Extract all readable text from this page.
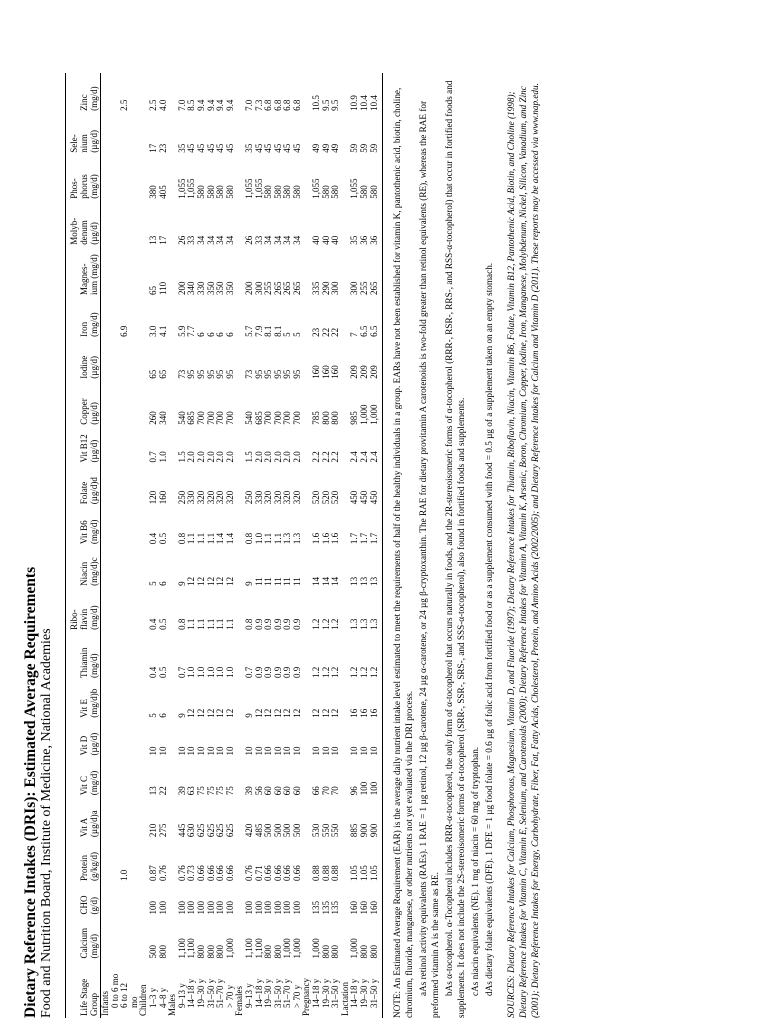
Dietary Reference Intakes (DRIs): Estimated Average Requirements Food and Nutrition Board, Institute of Medicine, National Academies	Life Stage Group	Calcium (mg/d)	CHO (g/d)	Protein (g/kg/d)	Vit A (µg/d)a	Vit C (mg/d)	Vit D (µg/d)	Vit E (mg/d)b	Thiamin (mg/d)	Ribo- flavin (mg/d)	Niacin (mg/d)c	Vit B6 (mg/d)	Folate (µg/d)d	Vit B12 (µg/d)	Copper (µg/d)	Iodine (µg/d)	Iron (mg/d)	Magnes- ium (mg/d)	Molyb- denum (µg/d)	Phos- phorus (mg/d)	Sele- nium (µg/d)	Zinc (mg/d)
Infants																					
0 to 6 mo																					
6 to 12			1.0													6.9					2.5
mo																					
Children																					
1–3 y	500	100	0.87	210	13	10	5	0.4	0.4	5	0.4	120	0.7	260	65	3.0	65	13	380	17	2.5
4–8 y	800	100	0.76	275	22	10	6	0.5	0.5	6	0.5	160	1.0	340	65	4.1	110	17	405	23	4.0
Males																					
9–13 y	1,100	100	0.76	445	39	10	9	0.7	0.8	9	0.8	250	1.5	540	73	5.9	200	26	1,055	35	7.0
14–18 y	1,100	100	0.73	630	63	10	12	1.0	1.1	12	1.1	330	2.0	685	95	7.7	340	33	1,055	45	8.5
19–30 y	800	100	0.66	625	75	10	12	1.0	1.1	12	1.1	320	2.0	700	95	6	330	34	580	45	9.4
31–50 y	800	100	0.66	625	75	10	12	1.0	1.1	12	1.1	320	2.0	700	95	6	350	34	580	45	9.4
51–70 y	800	100	0.66	625	75	10	12	1.0	1.1	12	1.4	320	2.0	700	95	6	350	34	580	45	9.4
> 70 y	1,000	100	0.66	625	75	10	12	1.0	1.1	12	1.4	320	2.0	700	95	6	350	34	580	45	9.4
Females																					
9–13 y	1,100	100	0.76	420	39	10	9	0.7	0.8	9	0.8	250	1.5	540	73	5.7	200	26	1,055	35	7.0
14–18 y	1,100	100	0.71	485	56	10	12	0.9	0.9	11	1.0	330	2.0	685	95	7.9	300	33	1,055	45	7.3
19–30 y	800	100	0.66	500	60	10	12	0.9	0.9	11	1.1	320	2.0	700	95	8.1	255	34	580	45	6.8
31–50 y	800	100	0.66	500	60	10	12	0.9	0.9	11	1.1	320	2.0	700	95	8.1	265	34	580	45	6.8
51–70 y	1,000	100	0.66	500	60	10	12	0.9	0.9	11	1.3	320	2.0	700	95	5	265	34	580	45	6.8
> 70 y	1,000	100	0.66	500	60	10	12	0.9	0.9	11	1.3	320	2.0	700	95	5	265	34	580	45	6.8
Pregnancy																					
14–18 y	1,000	135	0.88	530	66	10	12	1.2	1.2	14	1.6	520	2.2	785	160	23	335	40	1,055	49	10.5
19–30 y	800	135	0.88	550	70	10	12	1.2	1.2	14	1.6	520	2.2	800	160	22	290	40	580	49	9.5
31–50 y	800	135	0.88	550	70	10	12	1.2	1.2	14	1.6	520	2.2	800	160	22	300	40	580	49	9.5
Lactation																					
14–18 y	1,000	160	1.05	885	96	10	16	1.2	1.3	13	1.7	450	2.4	985	209	7	300	35	1,055	59	10.9
19–30 y	800	160	1.05	900	100	10	16	1.2	1.3	13	1.7	450	2.4	1,000	209	6.5	255	36	580	59	10.4
31–50 y	800	160	1.05	900	100	10	16	1.2	1.3	13	1.7	450	2.4	1,000	209	6.5	265	36	580	59	10.4 NOTE: An Estimated Average Requirement (EAR) is the average daily nutrient intake level estimated to meet the requirements of half of the healthy individuals in a group. EARs have not been established for vitamin K, pantothenic acid, biotin, choline, chromium, fluoride, manganese, or other nutrients not yet evaluated via the DRI process. aAs retinol activity equivalents (RAEs). 1 RAE = 1 µg retinol, 12 µg β-carotene, 24 µg α-carotene, or 24 µg β-cryptoxanthin. The RAE for dietary provitamin A carotenoids is two-fold greater than retinol equivalents (RE), whereas the RAE for preformed vitamin A is the same as RE. bAs α-tocopherol. α-Tocopherol includes RRR-α-tocopherol, the only form of α-tocopherol that occurs naturally in foods, and the 2R-stereoisomeric forms of α-tocopherol (RRR-, RSR-, RRS-, and RSS-α-tocopherol) that occur in fortified foods and supplements. It does not include the 2S-stereoisomeric forms of α-tocopherol (SRR-, SSR-, SRS-, and SSS-α-tocopherol), also found in fortified foods and supplements. cAs niacin equivalents (NE). 1 mg of niacin = 60 mg of tryptophan. dAs dietary folate equivalents (DFE). 1 DFE = 1 µg food folate = 0.6 µg of folic acid from fortified food or as a supplement consumed with food = 0.5 µg of a supplement taken on an empty stomach. SOURCES: Dietary Reference Intakes for Calcium, Phosphorous, Magnesium, Vitamin D, and Fluoride (1997); Dietary Reference Intakes for Thiamin, Riboflavin, Niacin, Vitamin B6, Folate, Vitamin B12, Pantothenic Acid, Biotin, and Choline (1998); Dietary Reference Intakes for Vitamin C, Vitamin E, Selenium, and Carotenoids (2000); Dietary Reference Intakes for Vitamin A, Vitamin K, Arsenic, Boron, Chromium, Copper, Iodine, Iron, Manganese, Molybdenum, Nickel, Silicon, Vanadium, and Zinc (2001); Dietary Reference Intakes for Energy, Carbohydrate, Fiber, Fat, Fatty Acids, Cholesterol, Protein, and Amino Acids (2002/2005); and Dietary Reference Intakes for Calcium and Vitamin D (2011). These reports may be accessed via www.nap.edu.
